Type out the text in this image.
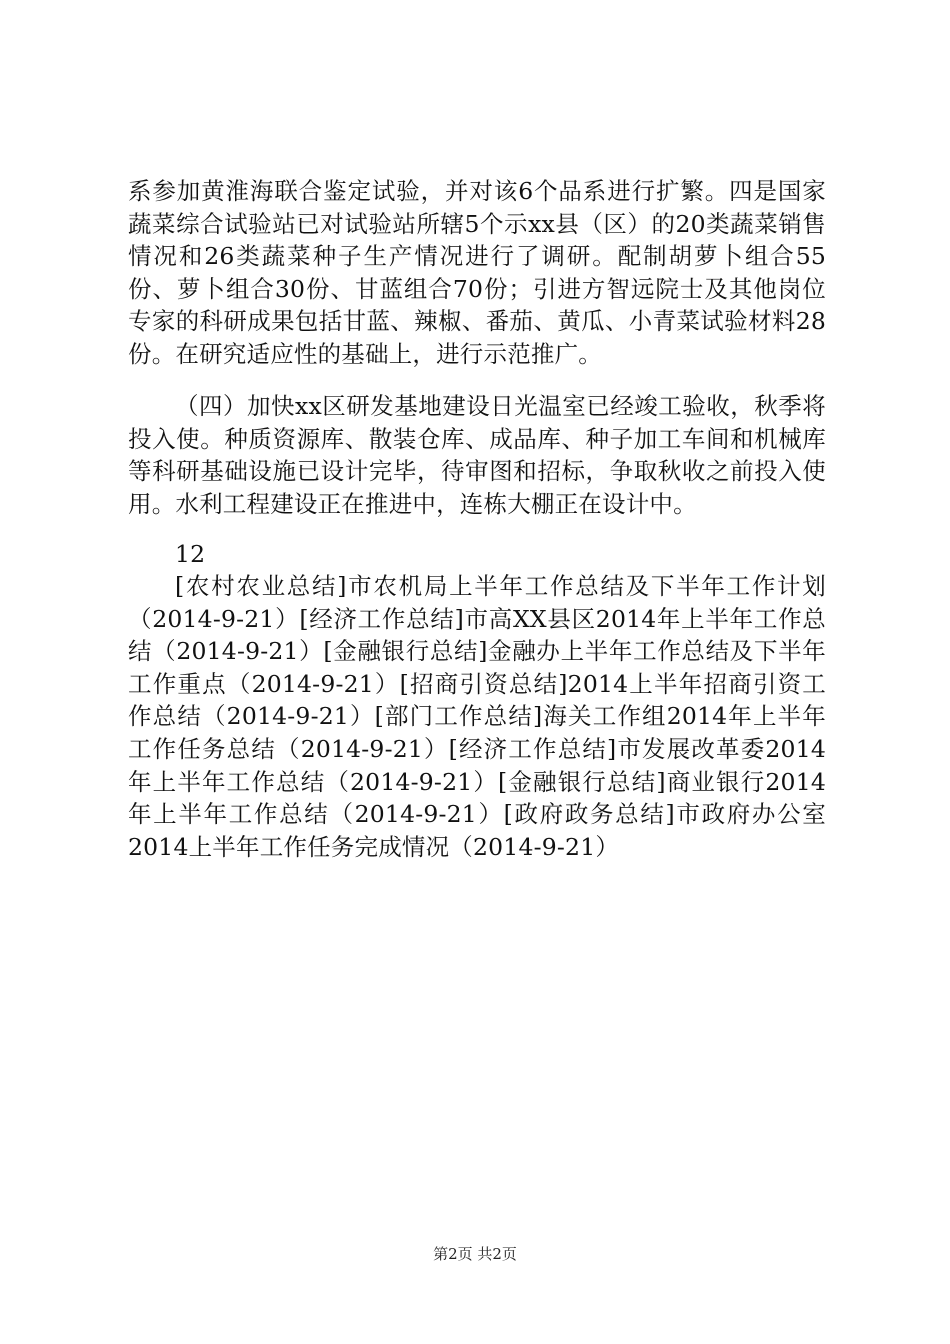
系参加黄淮海联合鉴定试验，并对该6个品系进行扩繁。四是国家蔬菜综合试验站已对试验站所辖5个示xx县（区）的20类蔬菜销售情况和26类蔬菜种子生产情况进行了调研。配制胡萝卜组合55份、萝卜组合30份、甘蓝组合70份；引进方智远院士及其他岗位专家的科研成果包括甘蓝、辣椒、番茄、黄瓜、小青菜试验材料28份。在研究适应性的基础上，进行示范推广。

（四）加快xx区研发基地建设日光温室已经竣工验收，秋季将投入使。种质资源库、散装仓库、成品库、种子加工车间和机械库等科研基础设施已设计完毕，待审图和招标，争取秋收之前投入使用。水利工程建设正在推进中，连栋大棚正在设计中。

12

[农村农业总结]市农机局上半年工作总结及下半年工作计划（2014-9-21）[经济工作总结]市高XX县区2014年上半年工作总结（2014-9-21）[金融银行总结]金融办上半年工作总结及下半年工作重点（2014-9-21）[招商引资总结]2014上半年招商引资工作总结（2014-9-21）[部门工作总结]海关工作组2014年上半年工作任务总结（2014-9-21）[经济工作总结]市发展改革委2014年上半年工作总结（2014-9-21）[金融银行总结]商业银行2014年上半年工作总结（2014-9-21）[政府政务总结]市政府办公室2014上半年工作任务完成情况（2014-9-21）

第2页 共2页
